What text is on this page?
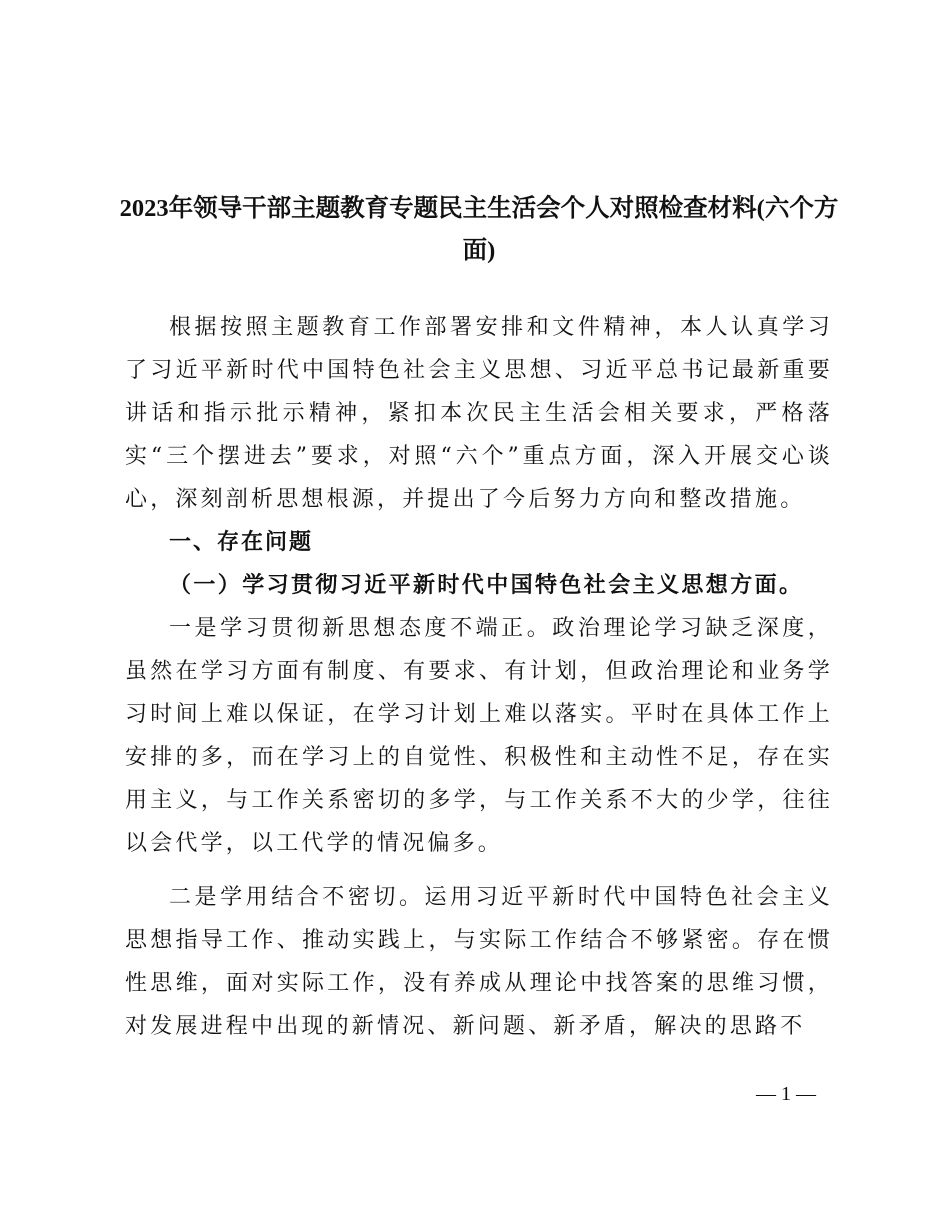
2023年领导干部主题教育专题民主生活会个人对照检查材料(六个方面)

根据按照主题教育工作部署安排和文件精神，本人认真学习了习近平新时代中国特色社会主义思想、习近平总书记最新重要讲话和指示批示精神，紧扣本次民主生活会相关要求，严格落实“三个摆进去”要求，对照“六个”重点方面，深入开展交心谈心，深刻剖析思想根源，并提出了今后努力方向和整改措施。

一、存在问题

（一）学习贯彻习近平新时代中国特色社会主义思想方面。

一是学习贯彻新思想态度不端正。政治理论学习缺乏深度，虽然在学习方面有制度、有要求、有计划，但政治理论和业务学习时间上难以保证，在学习计划上难以落实。平时在具体工作上安排的多，而在学习上的自觉性、积极性和主动性不足，存在实用主义，与工作关系密切的多学，与工作关系不大的少学，往往以会代学，以工代学的情况偏多。

二是学用结合不密切。运用习近平新时代中国特色社会主义思想指导工作、推动实践上，与实际工作结合不够紧密。存在惯性思维，面对实际工作，没有养成从理论中找答案的思维习惯，对发展进程中出现的新情况、新问题、新矛盾，解决的思路不

— 1 —
